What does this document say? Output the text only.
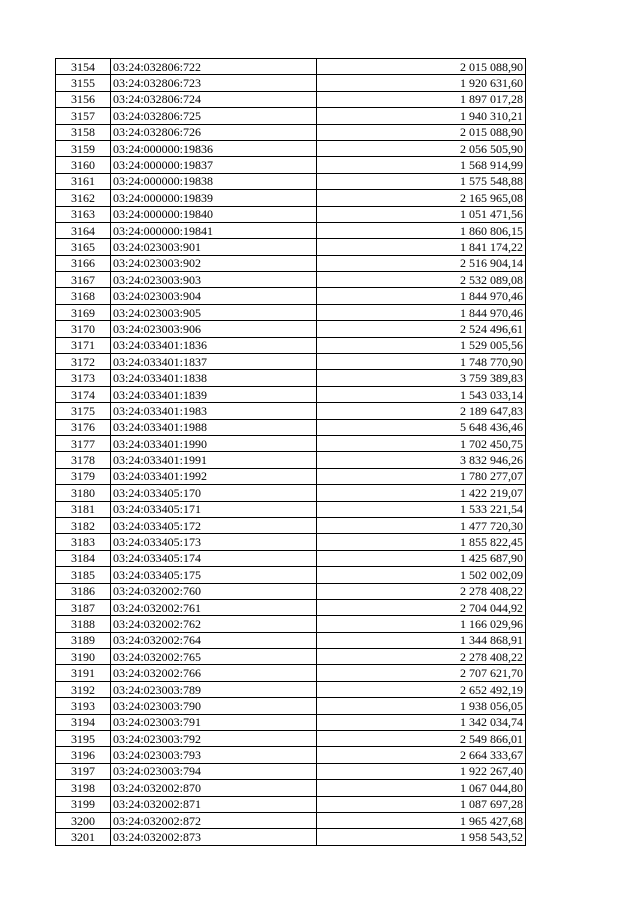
3154	03:24:032806:722	2 015 088,90
3155	03:24:032806:723	1 920 631,60
3156	03:24:032806:724	1 897 017,28
3157	03:24:032806:725	1 940 310,21
3158	03:24:032806:726	2 015 088,90
3159	03:24:000000:19836	2 056 505,90
3160	03:24:000000:19837	1 568 914,99
3161	03:24:000000:19838	1 575 548,88
3162	03:24:000000:19839	2 165 965,08
3163	03:24:000000:19840	1 051 471,56
3164	03:24:000000:19841	1 860 806,15
3165	03:24:023003:901	1 841 174,22
3166	03:24:023003:902	2 516 904,14
3167	03:24:023003:903	2 532 089,08
3168	03:24:023003:904	1 844 970,46
3169	03:24:023003:905	1 844 970,46
3170	03:24:023003:906	2 524 496,61
3171	03:24:033401:1836	1 529 005,56
3172	03:24:033401:1837	1 748 770,90
3173	03:24:033401:1838	3 759 389,83
3174	03:24:033401:1839	1 543 033,14
3175	03:24:033401:1983	2 189 647,83
3176	03:24:033401:1988	5 648 436,46
3177	03:24:033401:1990	1 702 450,75
3178	03:24:033401:1991	3 832 946,26
3179	03:24:033401:1992	1 780 277,07
3180	03:24:033405:170	1 422 219,07
3181	03:24:033405:171	1 533 221,54
3182	03:24:033405:172	1 477 720,30
3183	03:24:033405:173	1 855 822,45
3184	03:24:033405:174	1 425 687,90
3185	03:24:033405:175	1 502 002,09
3186	03:24:032002:760	2 278 408,22
3187	03:24:032002:761	2 704 044,92
3188	03:24:032002:762	1 166 029,96
3189	03:24:032002:764	1 344 868,91
3190	03:24:032002:765	2 278 408,22
3191	03:24:032002:766	2 707 621,70
3192	03:24:023003:789	2 652 492,19
3193	03:24:023003:790	1 938 056,05
3194	03:24:023003:791	1 342 034,74
3195	03:24:023003:792	2 549 866,01
3196	03:24:023003:793	2 664 333,67
3197	03:24:023003:794	1 922 267,40
3198	03:24:032002:870	1 067 044,80
3199	03:24:032002:871	1 087 697,28
3200	03:24:032002:872	1 965 427,68
3201	03:24:032002:873	1 958 543,52
